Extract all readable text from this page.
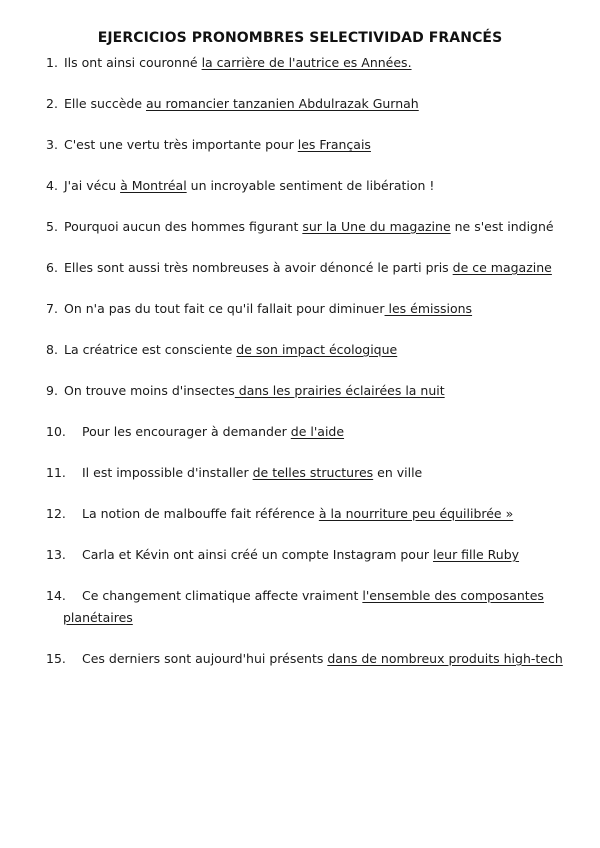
EJERCICIOS PRONOMBRES SELECTIVIDAD FRANCÉS
1. Ils ont ainsi couronné la carrière de l'autrice es Années.
2. Elle succède au romancier tanzanien Abdulrazak Gurnah
3. C'est une vertu très importante pour les Français
4. J'ai vécu à Montréal un incroyable sentiment de libération !
5. Pourquoi aucun des hommes figurant sur la Une du magazine ne s'est indigné
6. Elles sont aussi très nombreuses à avoir dénoncé le parti pris de ce magazine
7. On n'a pas du tout fait ce qu'il fallait pour diminuer les émissions
8. La créatrice est consciente de son impact écologique
9. On trouve moins d'insectes dans les prairies éclairées la nuit
10. Pour les encourager à demander de l'aide
11. Il est impossible d'installer de telles structures en ville
12. La notion de malbouffe fait référence à la nourriture peu équilibrée »
13. Carla et Kévin ont ainsi créé un compte Instagram pour leur fille Ruby
14. Ce changement climatique affecte vraiment l'ensemble des composantes
planétaires
15. Ces derniers sont aujourd'hui présents dans de nombreux produits high-tech
